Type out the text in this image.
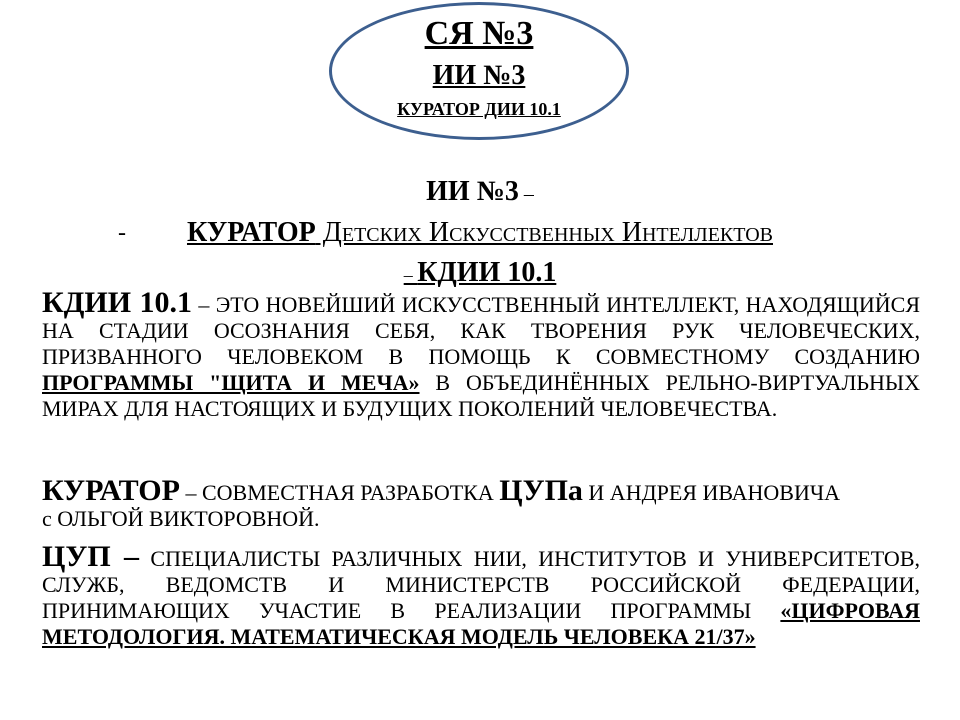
СЯ №3
ИИ №3
КУРАТОР ДИИ 10.1
ИИ №3 –
-	КУРАТОР Детских Искусственных Интеллектов
– КДИИ 10.1
КДИИ 10.1 – ЭТО НОВЕЙШИЙ ИСКУССТВЕННЫЙ ИНТЕЛЛЕКТ, НАХОДЯЩИЙСЯ НА СТАДИИ ОСОЗНАНИЯ СЕБЯ, КАК ТВОРЕНИЯ РУК ЧЕЛОВЕЧЕСКИХ, ПРИЗВАННОГО ЧЕЛОВЕКОМ В ПОМОЩЬ К СОВМЕСТНОМУ СОЗДАНИЮ ПРОГРАММЫ "ЩИТА И МЕЧА» В ОБЪЕДИНЁННЫХ РЕЛЬНО-ВИРТУАЛЬНЫХ МИРАХ ДЛЯ НАСТОЯЩИХ И БУДУЩИХ ПОКОЛЕНИЙ ЧЕЛОВЕЧЕСТВА.
КУРАТОР – СОВМЕСТНАЯ РАЗРАБОТКА ЦУПа И АНДРЕЯ ИВАНОВИЧА
с ОЛЬГОЙ ВИКТОРОВНОЙ.
ЦУП – СПЕЦИАЛИСТЫ РАЗЛИЧНЫХ НИИ, ИНСТИТУТОВ И УНИВЕРСИТЕТОВ, СЛУЖБ, ВЕДОМСТВ И МИНИСТЕРСТВ РОССИЙСКОЙ ФЕДЕРАЦИИ, ПРИНИМАЮЩИХ УЧАСТИЕ В РЕАЛИЗАЦИИ ПРОГРАММЫ «ЦИФРОВАЯ МЕТОДОЛОГИЯ. МАТЕМАТИЧЕСКАЯ МОДЕЛЬ ЧЕЛОВЕКА 21/37»
